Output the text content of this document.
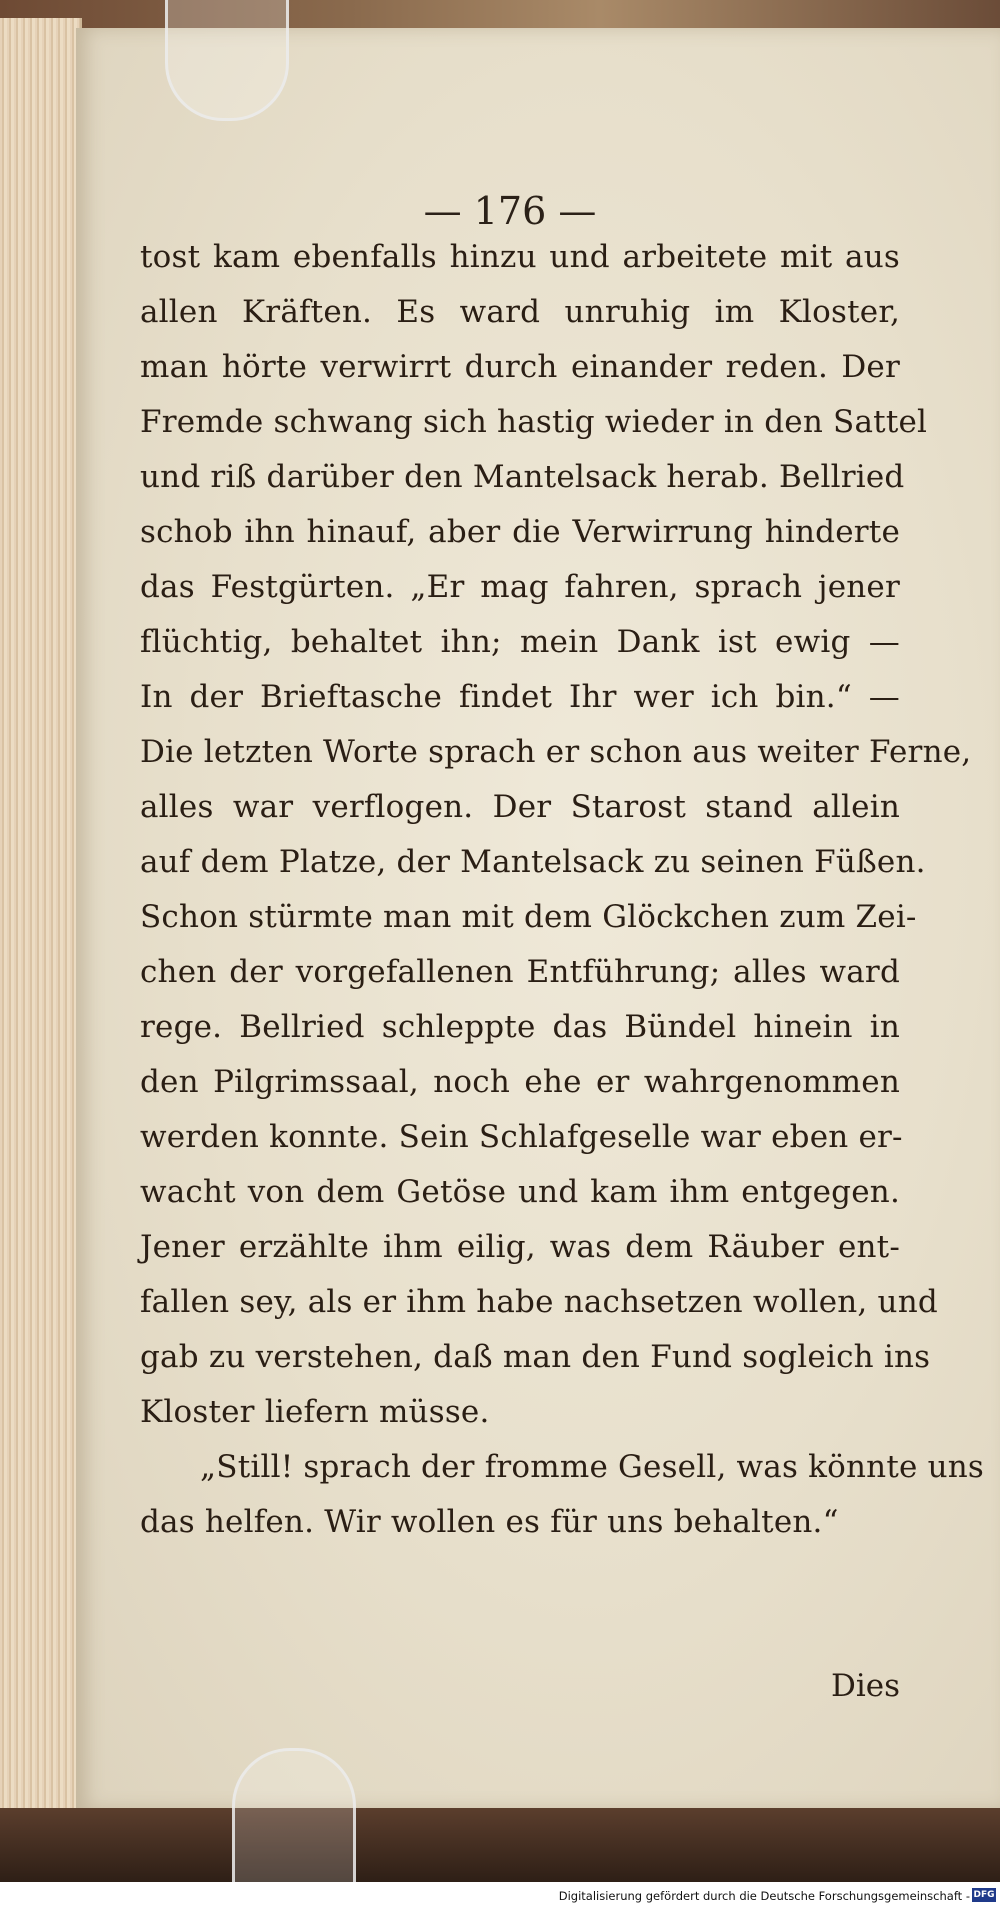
— 176 —
tost kam ebenfalls hinzu und arbeitete mit aus
allen Kräften. Es ward unruhig im Kloster,
man hörte verwirrt durch einander reden. Der
Fremde schwang sich hastig wieder in den Sattel
und riß darüber den Mantelsack herab. Bellried
schob ihn hinauf, aber die Verwirrung hinderte
das Festgürten. „Er mag fahren, sprach jener
flüchtig, behaltet ihn; mein Dank ist ewig —
In der Brieftasche findet Ihr wer ich bin.“ —
Die letzten Worte sprach er schon aus weiter Ferne,
alles war verflogen. Der Starost stand allein
auf dem Platze, der Mantelsack zu seinen Füßen.
Schon stürmte man mit dem Glöckchen zum Zei-
chen der vorgefallenen Entführung; alles ward
rege. Bellried schleppte das Bündel hinein in
den Pilgrimssaal, noch ehe er wahrgenommen
werden konnte. Sein Schlafgeselle war eben er-
wacht von dem Getöse und kam ihm entgegen.
Jener erzählte ihm eilig, was dem Räuber ent-
fallen sey, als er ihm habe nachsetzen wollen, und
gab zu verstehen, daß man den Fund sogleich ins
Kloster liefern müsse.
„Still! sprach der fromme Gesell, was könnte uns
das helfen. Wir wollen es für uns behalten.“
Dies
Digitalisierung gefördert durch die Deutsche Forschungsgemeinschaft - DFG
